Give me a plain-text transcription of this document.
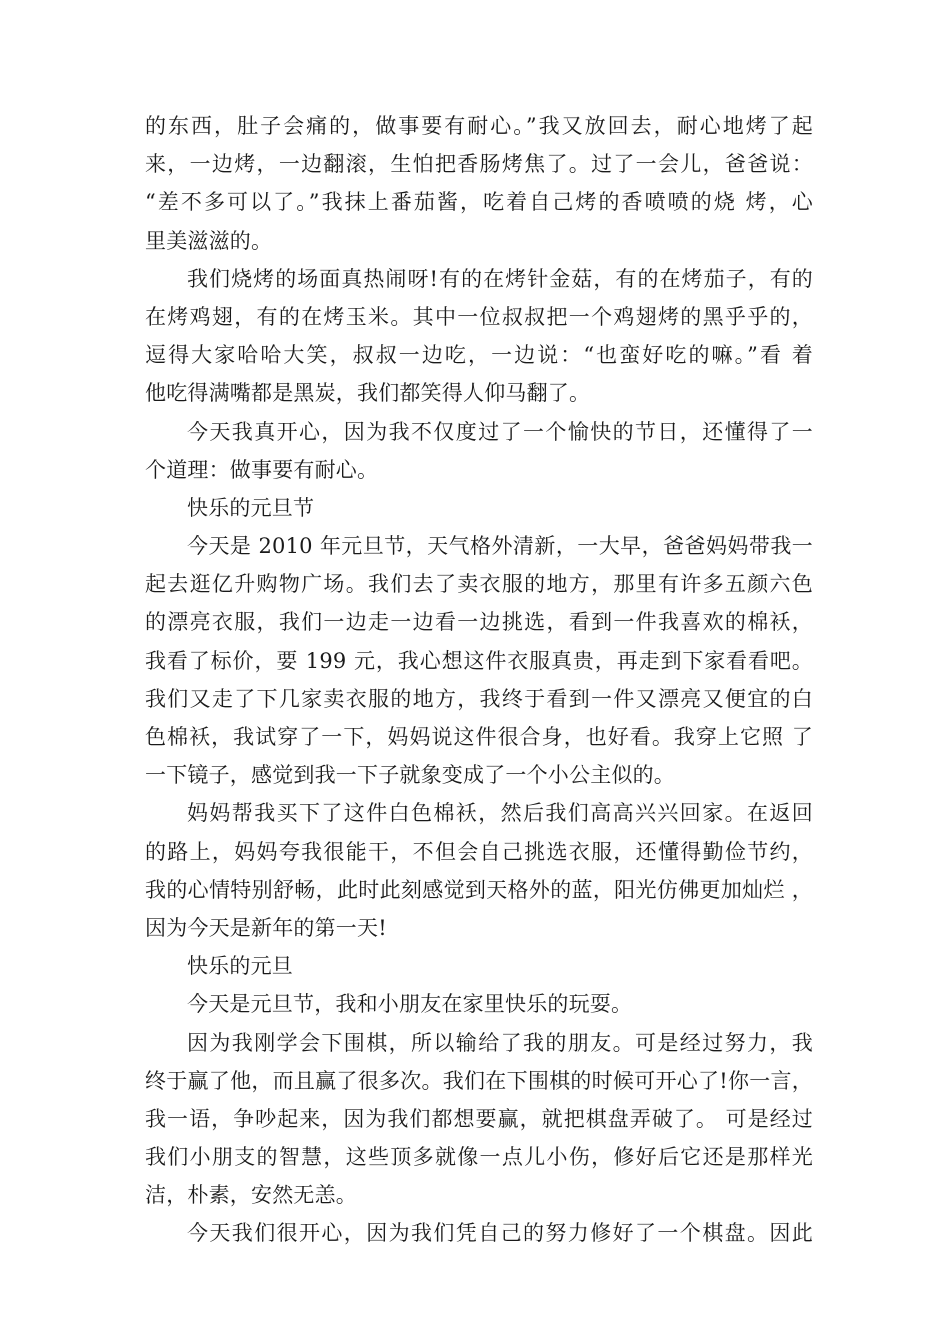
的东西，肚子会痛的，做事要有耐心。”我又放回去，耐心地烤了起
来，一边烤，一边翻滚，生怕把香肠烤焦了。过了一会儿，爸爸说：
“差不多可以了。”我抹上番茄酱，吃着自己烤的香喷喷的烧 烤，心
里美滋滋的。
我们烧烤的场面真热闹呀!有的在烤针金菇，有的在烤茄子，有的
在烤鸡翅，有的在烤玉米。其中一位叔叔把一个鸡翅烤的黑乎乎的，
逗得大家哈哈大笑，叔叔一边吃，一边说：“也蛮好吃的嘛。”看 着
他吃得满嘴都是黑炭，我们都笑得人仰马翻了。
今天我真开心，因为我不仅度过了一个愉快的节日，还懂得了一
个道理：做事要有耐心。
快乐的元旦节
今天是 2010 年元旦节，天气格外清新，一大早，爸爸妈妈带我一
起去逛亿升购物广场。我们去了卖衣服的地方，那里有许多五颜六色
的漂亮衣服，我们一边走一边看一边挑选，看到一件我喜欢的棉袄，
我看了标价，要 199 元，我心想这件衣服真贵，再走到下家看看吧。
我们又走了下几家卖衣服的地方，我终于看到一件又漂亮又便宜的白
色棉袄，我试穿了一下，妈妈说这件很合身，也好看。我穿上它照 了
一下镜子，感觉到我一下子就象变成了一个小公主似的。
妈妈帮我买下了这件白色棉袄，然后我们高高兴兴回家。在返回
的路上，妈妈夸我很能干，不但会自己挑选衣服，还懂得勤俭节约，
我的心情特别舒畅，此时此刻感觉到天格外的蓝，阳光仿佛更加灿烂 ，
因为今天是新年的第一天!
快乐的元旦
今天是元旦节，我和小朋友在家里快乐的玩耍。
因为我刚学会下围棋，所以输给了我的朋友。可是经过努力，我
终于赢了他，而且赢了很多次。我们在下围棋的时候可开心了!你一言，
我一语，争吵起来，因为我们都想要赢，就把棋盘弄破了。 可是经过
我们小朋支的智慧，这些顶多就像一点儿小伤，修好后它还是那样光
洁，朴素，安然无恙。
今天我们很开心，因为我们凭自己的努力修好了一个棋盘。因此
